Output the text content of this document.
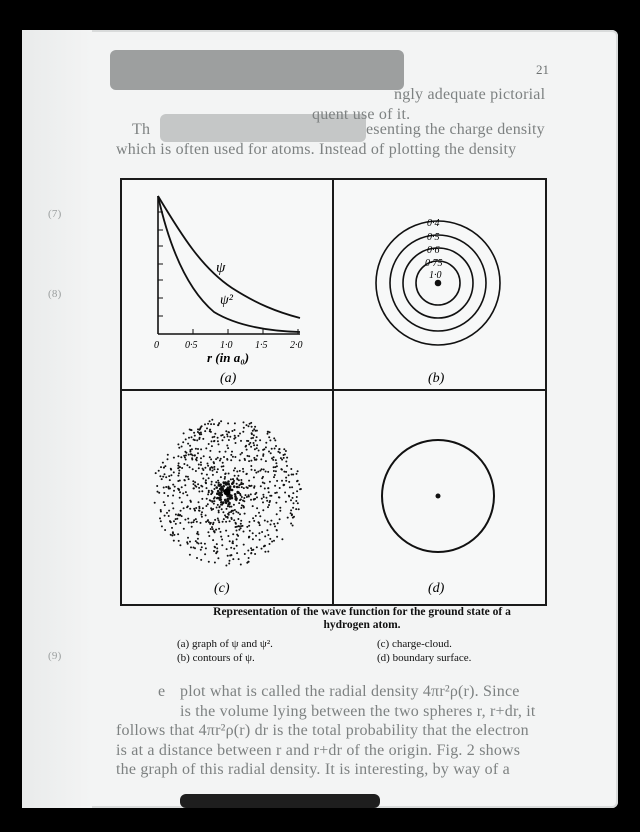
21
ngly adequate pictorial
quent use of it.
Th	esenting the charge density
which is often used for atoms. Instead of plotting the density
(7)
(8)
(9)
ψ
ψ²
0	0·5 1·0 1·5 2·0
r (in a₀)
(a)
0·4
0·5
0·6
0·75
1·0
(b)
(c)	(d)
Representation of the wave function for the ground state of a
hydrogen atom.
(a) graph of ψ and ψ².
(b) contours of ψ.
(c) charge-cloud.
(d) boundary surface.
e plot what is called the radial density 4πr²ρ(r). Since
is the volume lying between the two spheres r, r+dr, it
follows that 4πr²ρ(r) dr is the total probability that the electron
is at a distance between r and r+dr of the origin. Fig. 2 shows
the graph of this radial density. It is interesting, by way of a
